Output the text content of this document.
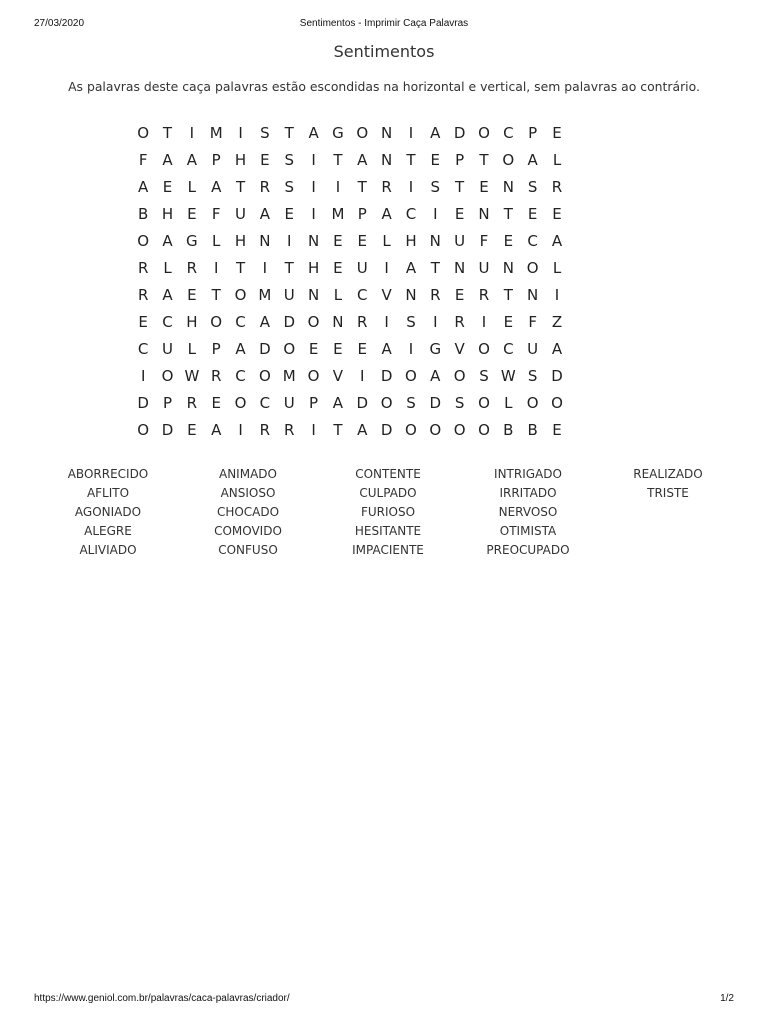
27/03/2020	Sentimentos - Imprimir Caça Palavras
Sentimentos

As palavras deste caça palavras estão escondidas na horizontal e vertical, sem palavras ao contrário.

O	T	I	M	I	S	T	A	G	O	N	I	A	D	O	C	P	E
F	A	A	P	H	E	S	I	T	A	N	T	E	P	T	O	A	L
A	E	L	A	T	R	S	I	I	T	R	I	S	T	E	N	S	R
B	H	E	F	U	A	E	I	M	P	A	C	I	E	N	T	E	E
O	A	G	L	H	N	I	N	E	E	L	H	N	U	F	E	C	A
R	L	R	I	T	I	T	H	E	U	I	A	T	N	U	N	O	L
R	A	E	T	O	M	U	N	L	C	V	N	R	E	R	T	N	I
E	C	H	O	C	A	D	O	N	R	I	S	I	R	I	E	F	Z
C	U	L	P	A	D	O	E	E	E	A	I	G	V	O	C	U	A
I	O	W	R	C	O	M	O	V	I	D	O	A	O	S	W	S	D
D	P	R	E	O	C	U	P	A	D	O	S	D	S	O	L	O	O
O	D	E	A	I	R	R	I	T	A	D	O	O	O	O	B	B	E
ABORRECIDO
AFLITO
AGONIADO
ALEGRE
ALIVIADO
ANIMADO
ANSIOSO
CHOCADO
COMOVIDO
CONFUSO
CONTENTE
CULPADO
FURIOSO
HESITANTE
IMPACIENTE
INTRIGADO
IRRITADO
NERVOSO
OTIMISTA
PREOCUPADO
REALIZADO
TRISTE
https://www.geniol.com.br/palavras/caca-palavras/criador/	1/2
